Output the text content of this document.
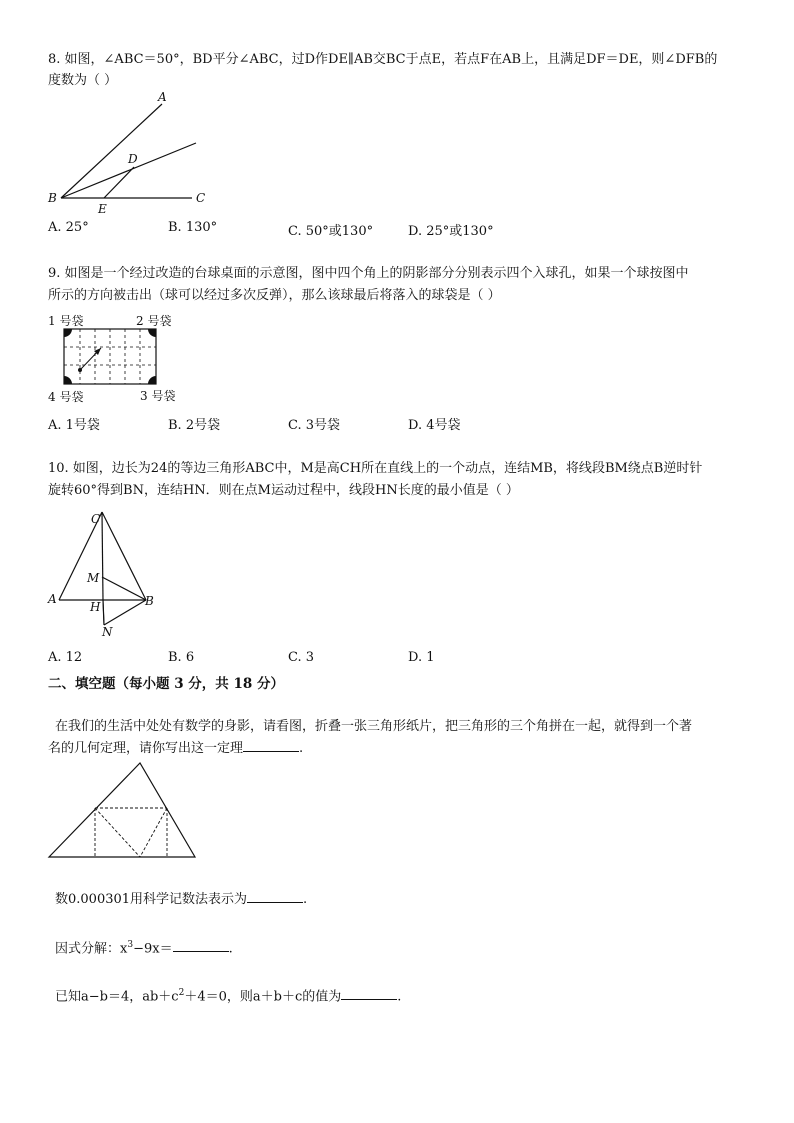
8. 如图，∠ABC＝50°，BD平分∠ABC，过D作DE∥AB交BC于点E，若点F在AB上，且满足DF＝DE，则∠DFB的
度数为（ ）
A
D
B	C
E
A. 25°	B. 130°	C. 50°或130°	D. 25°或130°
9. 如图是一个经过改造的台球桌面的示意图，图中四个角上的阴影部分分别表示四个入球孔，如果一个球按图中
所示的方向被击出（球可以经过多次反弹），那么该球最后将落入的球袋是（ ）
1 号袋	2 号袋
3 号袋
4 号袋
A. 1号袋	B. 2号袋	C. 3号袋	D. 4号袋
10. 如图，边长为24的等边三角形ABC中，M是高CH所在直线上的一个动点，连结MB，将线段BM绕点B逆时针
旋转60°得到BN，连结HN．则在点M运动过程中，线段HN长度的最小值是（ ）
C
M
A
H	B
N
A. 12	B. 6	C. 3	D. 1
二、填空题（每小题 3 分，共 18 分）
在我们的生活中处处有数学的身影，请看图，折叠一张三角形纸片，把三角形的三个角拼在一起，就得到一个著
名的几何定理，请你写出这一定理	.
数0.000301用科学记数法表示为	.
因式分解：$x^3-9x=$	.
已知a−b＝4，$ab+c^2+4=0$，则a＋b＋c的值为	.
